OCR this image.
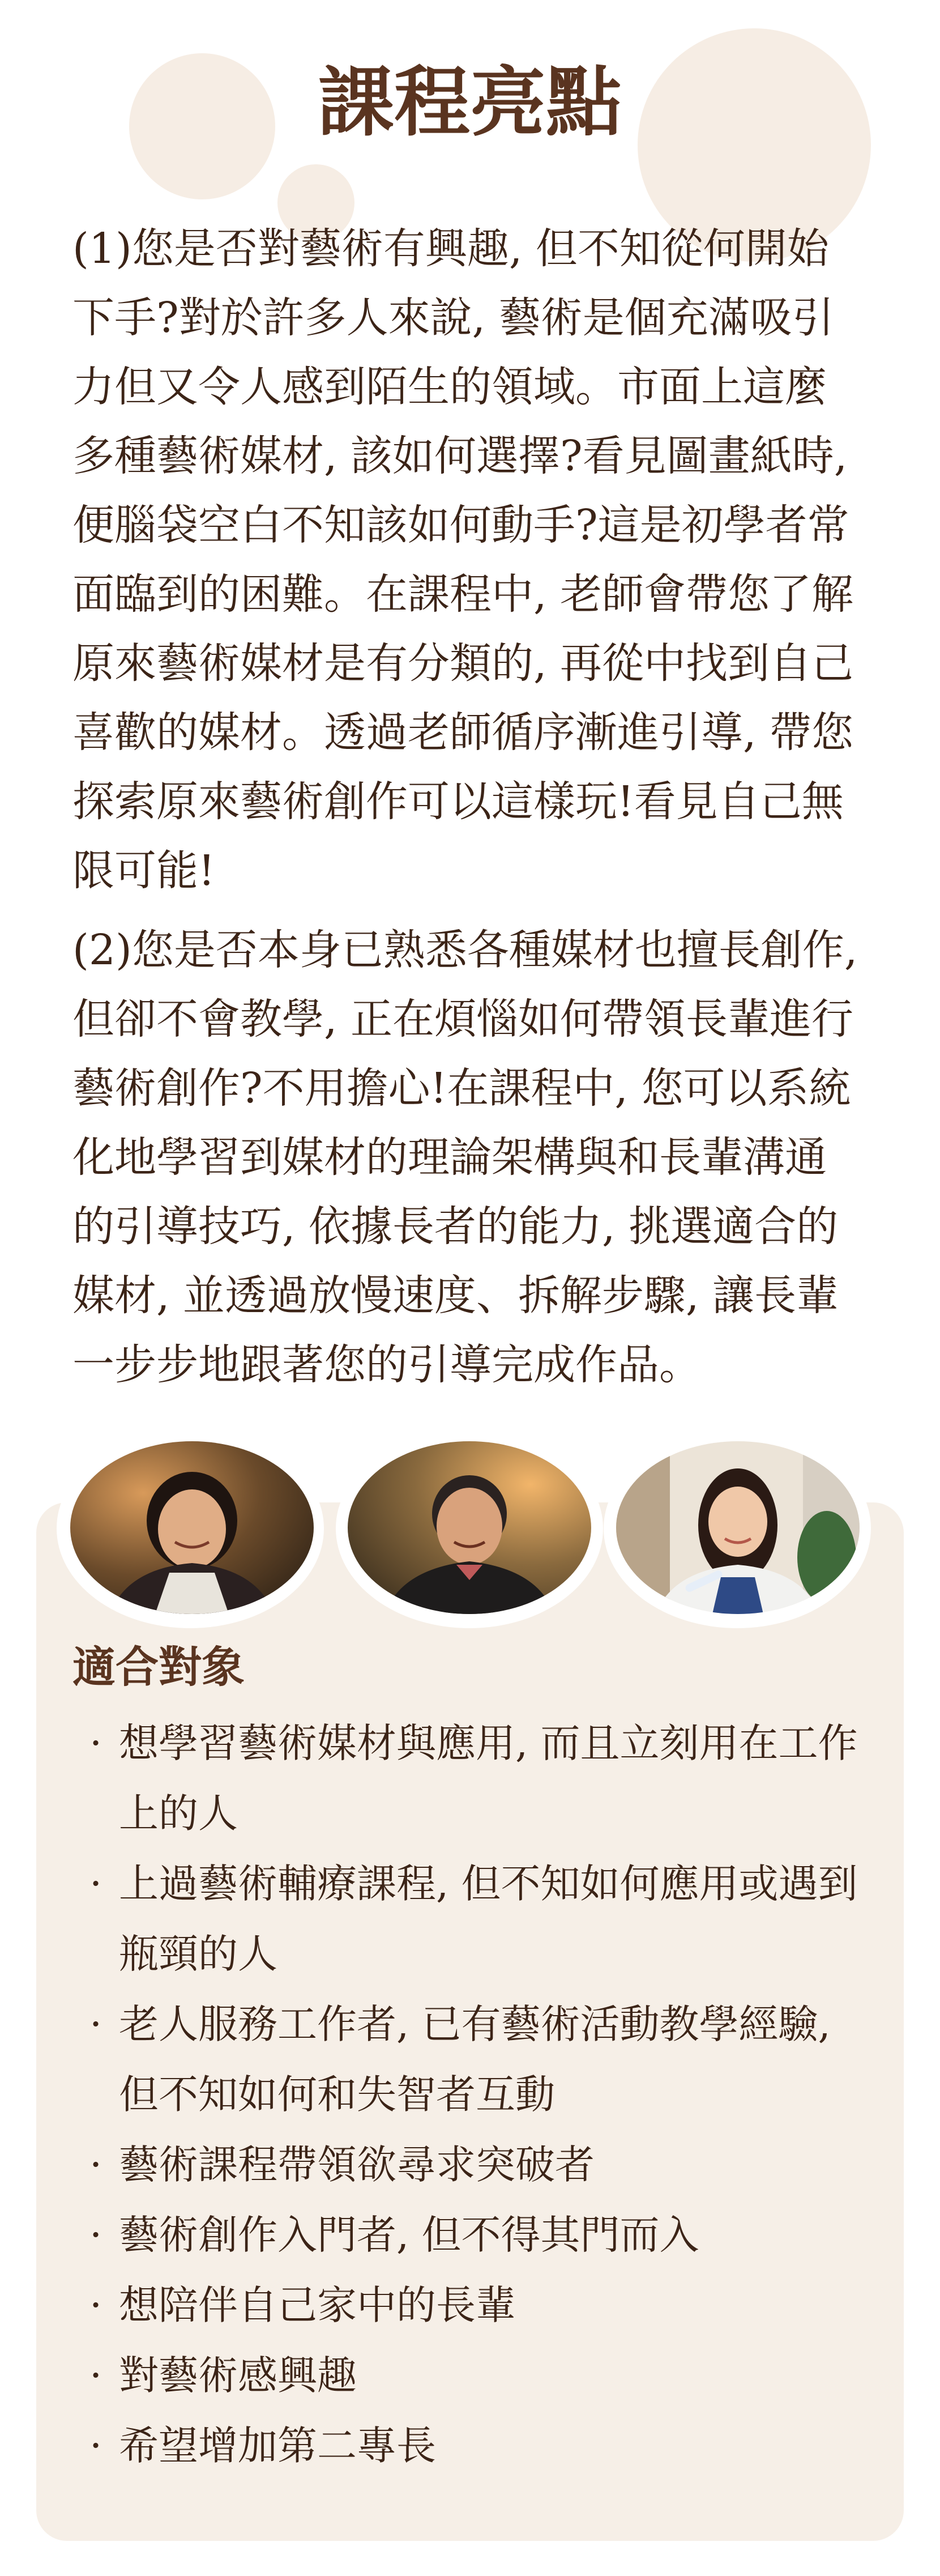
課程亮點

(1)您是否對藝術有興趣, 但不知從何開始下手?對於許多人來說, 藝術是個充滿吸引力但又令人感到陌生的領域。市面上這麼多種藝術媒材, 該如何選擇?看見圖畫紙時, 便腦袋空白不知該如何動手?這是初學者常面臨到的困難。在課程中, 老師會帶您了解原來藝術媒材是有分類的, 再從中找到自己喜歡的媒材。透過老師循序漸進引導, 帶您探索原來藝術創作可以這樣玩!看見自己無限可能!

(2)您是否本身已熟悉各種媒材也擅長創作, 但卻不會教學, 正在煩惱如何帶領長輩進行藝術創作?不用擔心!在課程中, 您可以系統化地學習到媒材的理論架構與和長輩溝通的引導技巧, 依據長者的能力, 挑選適合的媒材, 並透過放慢速度、拆解步驟, 讓長輩一步步地跟著您的引導完成作品。

適合對象
· 想學習藝術媒材與應用, 而且立刻用在工作上的人
· 上過藝術輔療課程, 但不知如何應用或遇到瓶頸的人
· 老人服務工作者, 已有藝術活動教學經驗, 但不知如何和失智者互動
· 藝術課程帶領欲尋求突破者
· 藝術創作入門者, 但不得其門而入
· 想陪伴自己家中的長輩
· 對藝術感興趣
· 希望增加第二專長
